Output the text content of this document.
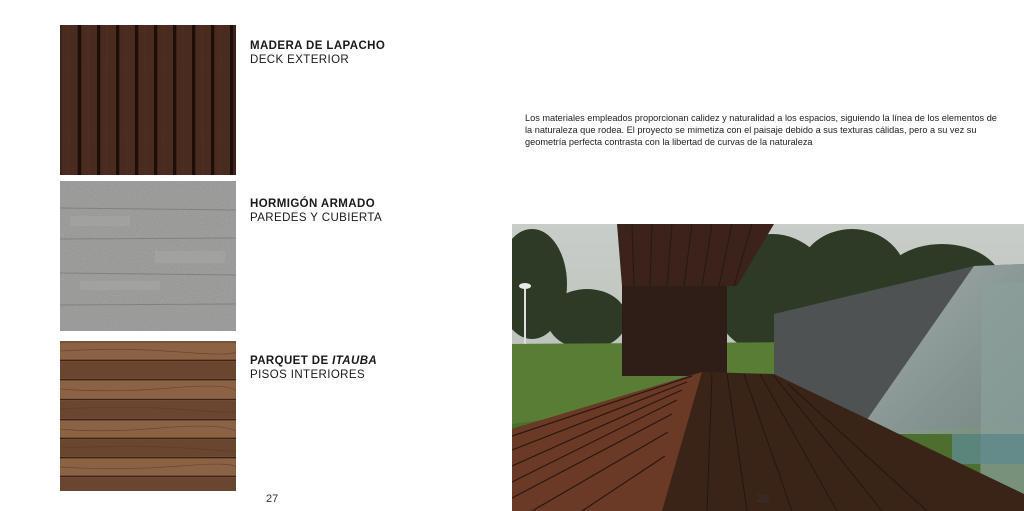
MADERA DE LAPACHO
DECK EXTERIOR
HORMIGÓN ARMADO
PAREDES Y CUBIERTA
PARQUET DE ITAUBA
PISOS INTERIORES
27
Los materiales empleados proporcionan calidez y naturalidad a los espacios, siguiendo la línea de los elementos de la naturaleza que rodea. El proyecto se mimetiza con el paisaje debido a sus texturas cálidas, pero a su vez su geometría perfecta contrasta con la libertad de curvas de la naturaleza
28
